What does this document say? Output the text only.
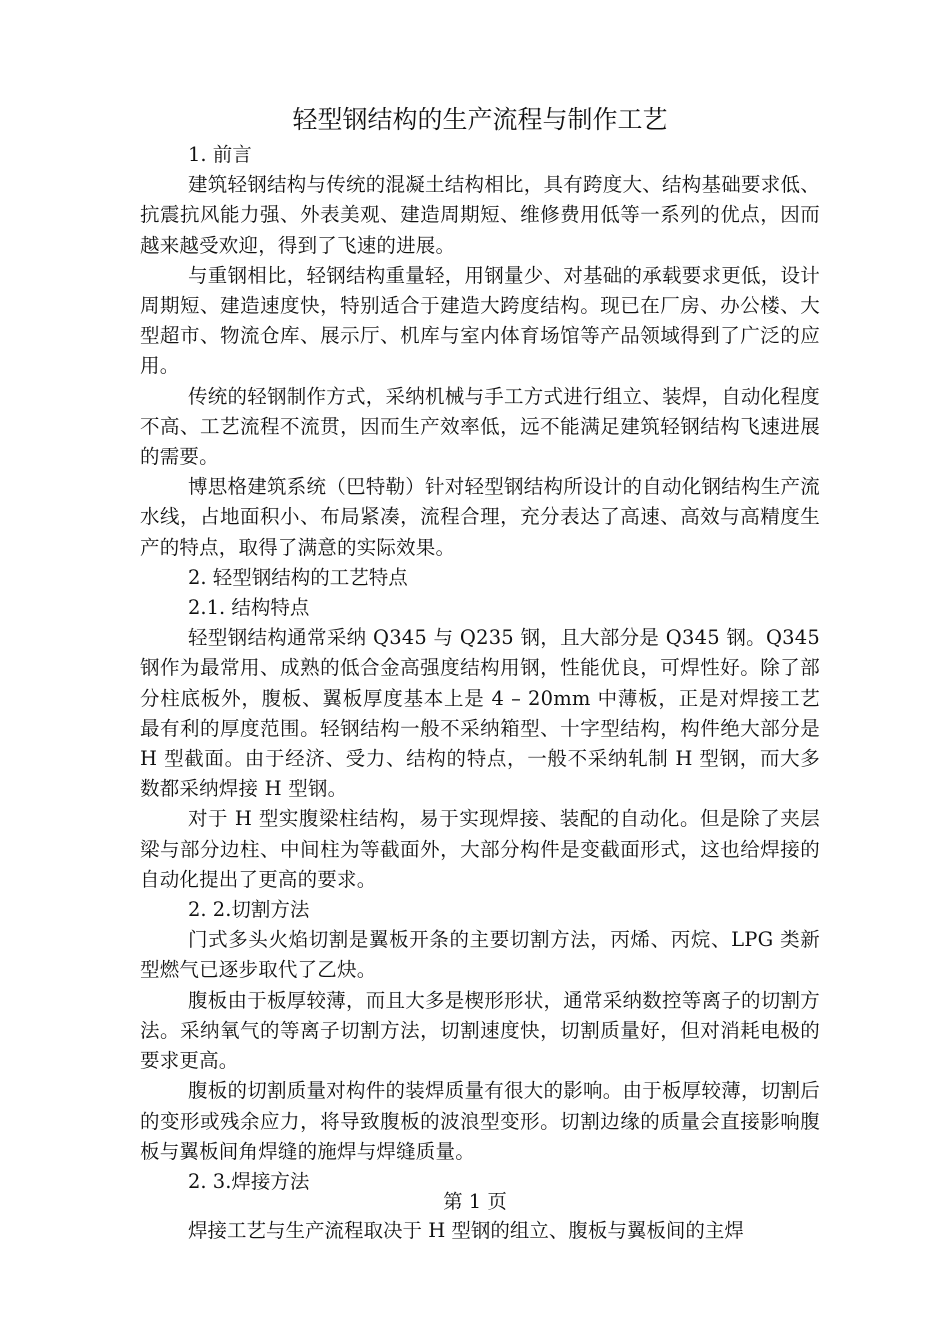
轻型钢结构的生产流程与制作工艺

1. 前言

建筑轻钢结构与传统的混凝土结构相比，具有跨度大、结构基础要求低、抗震抗风能力强、外表美观、建造周期短、维修费用低等一系列的优点，因而越来越受欢迎，得到了飞速的进展。

与重钢相比，轻钢结构重量轻，用钢量少、对基础的承载要求更低，设计周期短、建造速度快，特别适合于建造大跨度结构。现已在厂房、办公楼、大型超市、物流仓库、展示厅、机库与室内体育场馆等产品领域得到了广泛的应用。

传统的轻钢制作方式，采纳机械与手工方式进行组立、装焊，自动化程度不高、工艺流程不流贯，因而生产效率低，远不能满足建筑轻钢结构飞速进展的需要。

博思格建筑系统（巴特勒）针对轻型钢结构所设计的自动化钢结构生产流水线，占地面积小、布局紧凑，流程合理，充分表达了高速、高效与高精度生产的特点，取得了满意的实际效果。

2. 轻型钢结构的工艺特点

2.1. 结构特点

轻型钢结构通常采纳 Q345 与 Q235 钢，且大部分是 Q345 钢。Q345 钢作为最常用、成熟的低合金高强度结构用钢，性能优良，可焊性好。除了部分柱底板外，腹板、翼板厚度基本上是 4 – 20mm 中薄板，正是对焊接工艺最有利的厚度范围。轻钢结构一般不采纳箱型、十字型结构，构件绝大部分是 H 型截面。由于经济、受力、结构的特点，一般不采纳轧制 H 型钢，而大多数都采纳焊接 H 型钢。

对于 H 型实腹梁柱结构，易于实现焊接、装配的自动化。但是除了夹层梁与部分边柱、中间柱为等截面外，大部分构件是变截面形式，这也给焊接的自动化提出了更高的要求。

2. 2.切割方法

门式多头火焰切割是翼板开条的主要切割方法，丙烯、丙烷、LPG 类新型燃气已逐步取代了乙炔。

腹板由于板厚较薄，而且大多是楔形形状，通常采纳数控等离子的切割方法。采纳氧气的等离子切割方法，切割速度快，切割质量好，但对消耗电极的要求更高。

腹板的切割质量对构件的装焊质量有很大的影响。由于板厚较薄，切割后的变形或残余应力，将导致腹板的波浪型变形。切割边缘的质量会直接影响腹板与翼板间角焊缝的施焊与焊缝质量。

2. 3.焊接方法

第 1 页

焊接工艺与生产流程取决于 H 型钢的组立、腹板与翼板间的主焊
